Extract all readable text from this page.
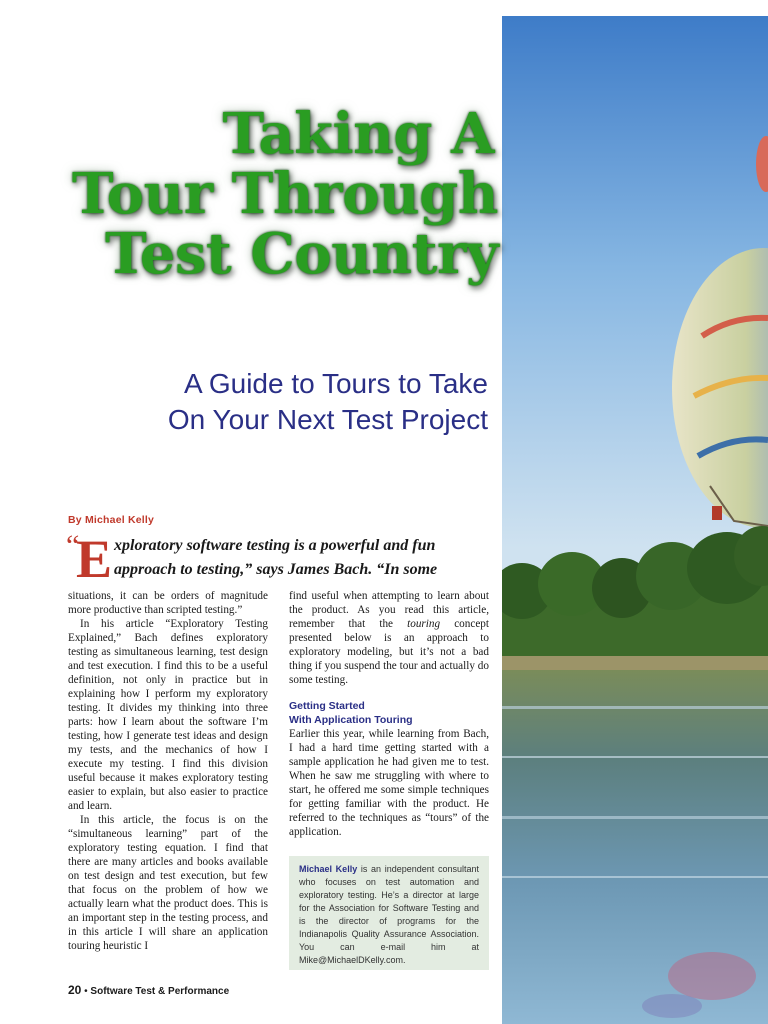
Taking A
Tour Through
Test Country
A Guide to Tours to Take
On Your Next Test Project
By Michael Kelly
“
E xploratory software testing is a powerful and fun
approach to testing,” says James Bach. “In some

situations, it can be orders of magnitude more productive than scripted testing.”

In his article “Exploratory Testing Explained,” Bach defines exploratory testing as simultaneous learning, test design and test execution. I find this to be a useful definition, not only in practice but in explaining how I perform my exploratory testing. It divides my thinking into three parts: how I learn about the software I’m testing, how I generate test ideas and design my tests, and the mechanics of how I execute my testing. I find this division useful because it makes exploratory testing easier to explain, but also easier to practice and learn.

In this article, the focus is on the “simultaneous learning” part of the exploratory testing equation. I find that there are many articles and books available on test design and test execution, but few that focus on the problem of how we actually learn what the product does. This is an important step in the testing process, and in this article I will share an application touring heuristic I

find useful when attempting to learn about the product. As you read this article, remember that the touring concept presented below is an approach to exploratory modeling, but it’s not a bad thing if you suspend the tour and actually do some testing.

Getting Started
With Application Touring

Earlier this year, while learning from Bach, I had a hard time getting started with a sample application he had given me to test. When he saw me struggling with where to start, he offered me some simple techniques for getting familiar with the product. He referred to the techniques as “tours” of the application.

Michael Kelly is an independent consultant who focuses on test automation and exploratory testing. He’s a director at large for the Association for Software Testing and is the director of programs for the Indianapolis Quality Assurance Association. You can e-mail him at Mike@MichaelDKelly.com.
20 • Software Test & Performance
